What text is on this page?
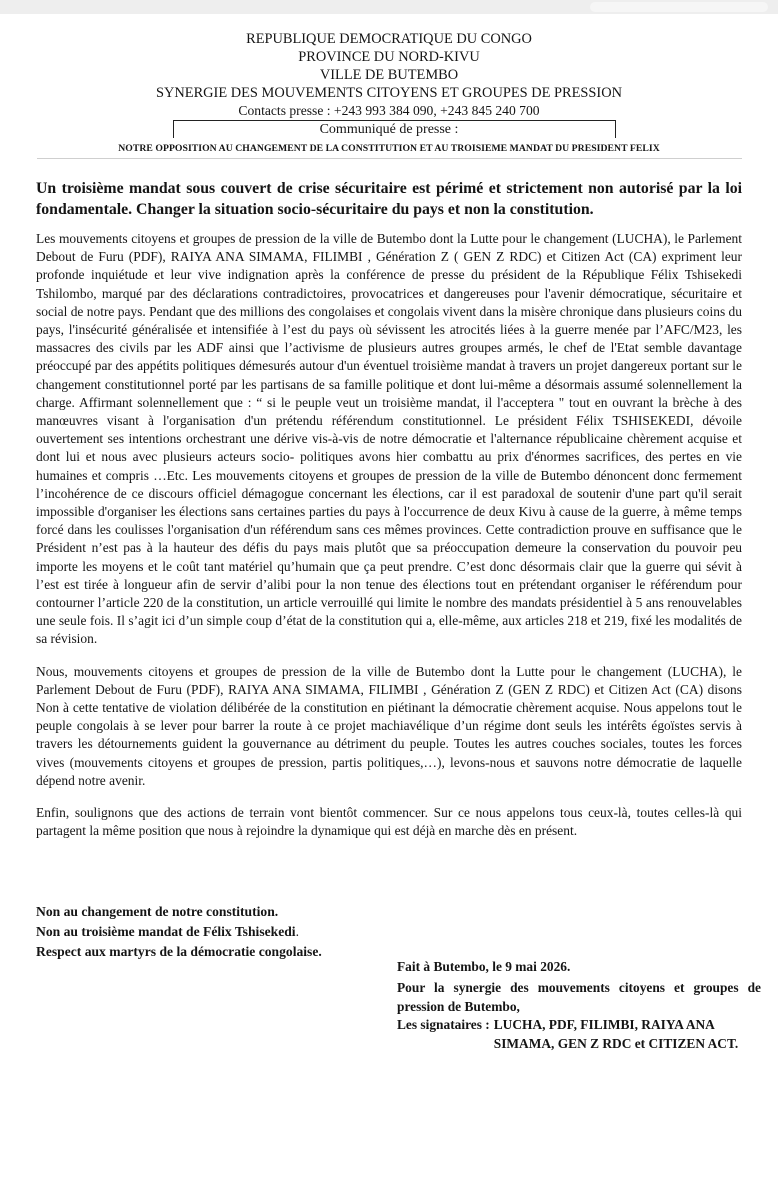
REPUBLIQUE DEMOCRATIQUE DU CONGO
PROVINCE DU NORD-KIVU
VILLE DE BUTEMBO
SYNERGIE DES MOUVEMENTS CITOYENS ET GROUPES DE PRESSION
Contacts presse : +243 993 384 090, +243 845 240 700
Communiqué de presse :
NOTRE OPPOSITION AU CHANGEMENT DE LA CONSTITUTION ET AU TROISIEME MANDAT DU PRESIDENT FELIX
Un troisième mandat sous couvert de crise sécuritaire est périmé et strictement non autorisé par la loi fondamentale. Changer la situation socio-sécuritaire du pays et non la constitution.

Les mouvements citoyens et groupes de pression de la ville de Butembo dont la Lutte pour le changement (LUCHA), le Parlement Debout de Furu (PDF), RAIYA ANA SIMAMA, FILIMBI , Génération Z ( GEN Z RDC) et Citizen Act (CA) expriment leur profonde inquiétude et leur vive indignation après la conférence de presse du président de la République Félix Tshisekedi Tshilombo, marqué par des déclarations contradictoires, provocatrices et dangereuses pour l'avenir démocratique, sécuritaire et social de notre pays. Pendant que des millions des congolaises et congolais vivent dans la misère chronique dans plusieurs coins du pays, l'insécurité généralisée et intensifiée à l’est du pays où sévissent les atrocités liées à la guerre menée par l’AFC/M23, les massacres des civils par les ADF ainsi que l’activisme de plusieurs autres groupes armés, le chef de l'Etat semble davantage préoccupé par des appétits politiques démesurés autour d'un éventuel troisième mandat à travers un projet dangereux portant sur le changement constitutionnel porté par les partisans de sa famille politique et dont lui-même a désormais assumé solennellement la charge. Affirmant solennellement que : “ si le peuple veut un troisième mandat, il l'acceptera " tout en ouvrant la brèche à des manœuvres visant à l'organisation d'un prétendu référendum constitutionnel. Le président Félix TSHISEKEDI, dévoile ouvertement ses intentions orchestrant une dérive vis-à-vis de notre démocratie et l'alternance républicaine chèrement acquise et dont lui et nous avec plusieurs acteurs socio- politiques avons hier combattu au prix d'énormes sacrifices, des pertes en vie humaines et compris …Etc. Les mouvements citoyens et groupes de pression de la ville de Butembo dénoncent donc fermement l’incohérence de ce discours officiel démagogue concernant les élections, car il est paradoxal de soutenir d'une part qu'il serait impossible d'organiser les élections sans certaines parties du pays à l'occurrence de deux Kivu à cause de la guerre, à même temps forcé dans les coulisses l'organisation d'un référendum sans ces mêmes provinces. Cette contradiction prouve en suffisance que le Président n’est pas à la hauteur des défis du pays mais plutôt que sa préoccupation demeure la conservation du pouvoir peu importe les moyens et le coût tant matériel qu’humain que ça peut prendre. C’est donc désormais clair que la guerre qui sévit à l’est est tirée à longueur afin de servir d’alibi pour la non tenue des élections tout en prétendant organiser le référendum pour contourner l’article 220 de la constitution, un article verrouillé qui limite le nombre des mandats présidentiel à 5 ans renouvelables une seule fois. Il s’agit ici d’un simple coup d’état de la constitution qui a, elle-même, aux articles 218 et 219, fixé les modalités de sa révision.

Nous, mouvements citoyens et groupes de pression de la ville de Butembo dont la Lutte pour le changement (LUCHA), le Parlement Debout de Furu (PDF), RAIYA ANA SIMAMA, FILIMBI , Génération Z (GEN Z RDC) et Citizen Act (CA) disons Non à cette tentative de violation délibérée de la constitution en piétinant la démocratie chèrement acquise. Nous appelons tout le peuple congolais à se lever pour barrer la route à ce projet machiavélique d’un régime dont seuls les intérêts égoïstes servis à travers les détournements guident la gouvernance au détriment du peuple. Toutes les autres couches sociales, toutes les forces vives (mouvements citoyens et groupes de pression, partis politiques,…), levons-nous et sauvons notre démocratie de laquelle dépend notre avenir.

Enfin, soulignons que des actions de terrain vont bientôt commencer. Sur ce nous appelons tous ceux-là, toutes celles-là qui partagent la même position que nous à rejoindre la dynamique qui est déjà en marche dès en présent.

Non au changement de notre constitution.
Non au troisième mandat de Félix Tshisekedi.
Respect aux martyrs de la démocratie congolaise.
Fait à Butembo, le 9 mai 2026.
Pour la synergie des mouvements citoyens et groupes de pression de Butembo,
Les signataires : LUCHA, PDF, FILIMBI, RAIYA ANA SIMAMA, GEN Z RDC et CITIZEN ACT.
